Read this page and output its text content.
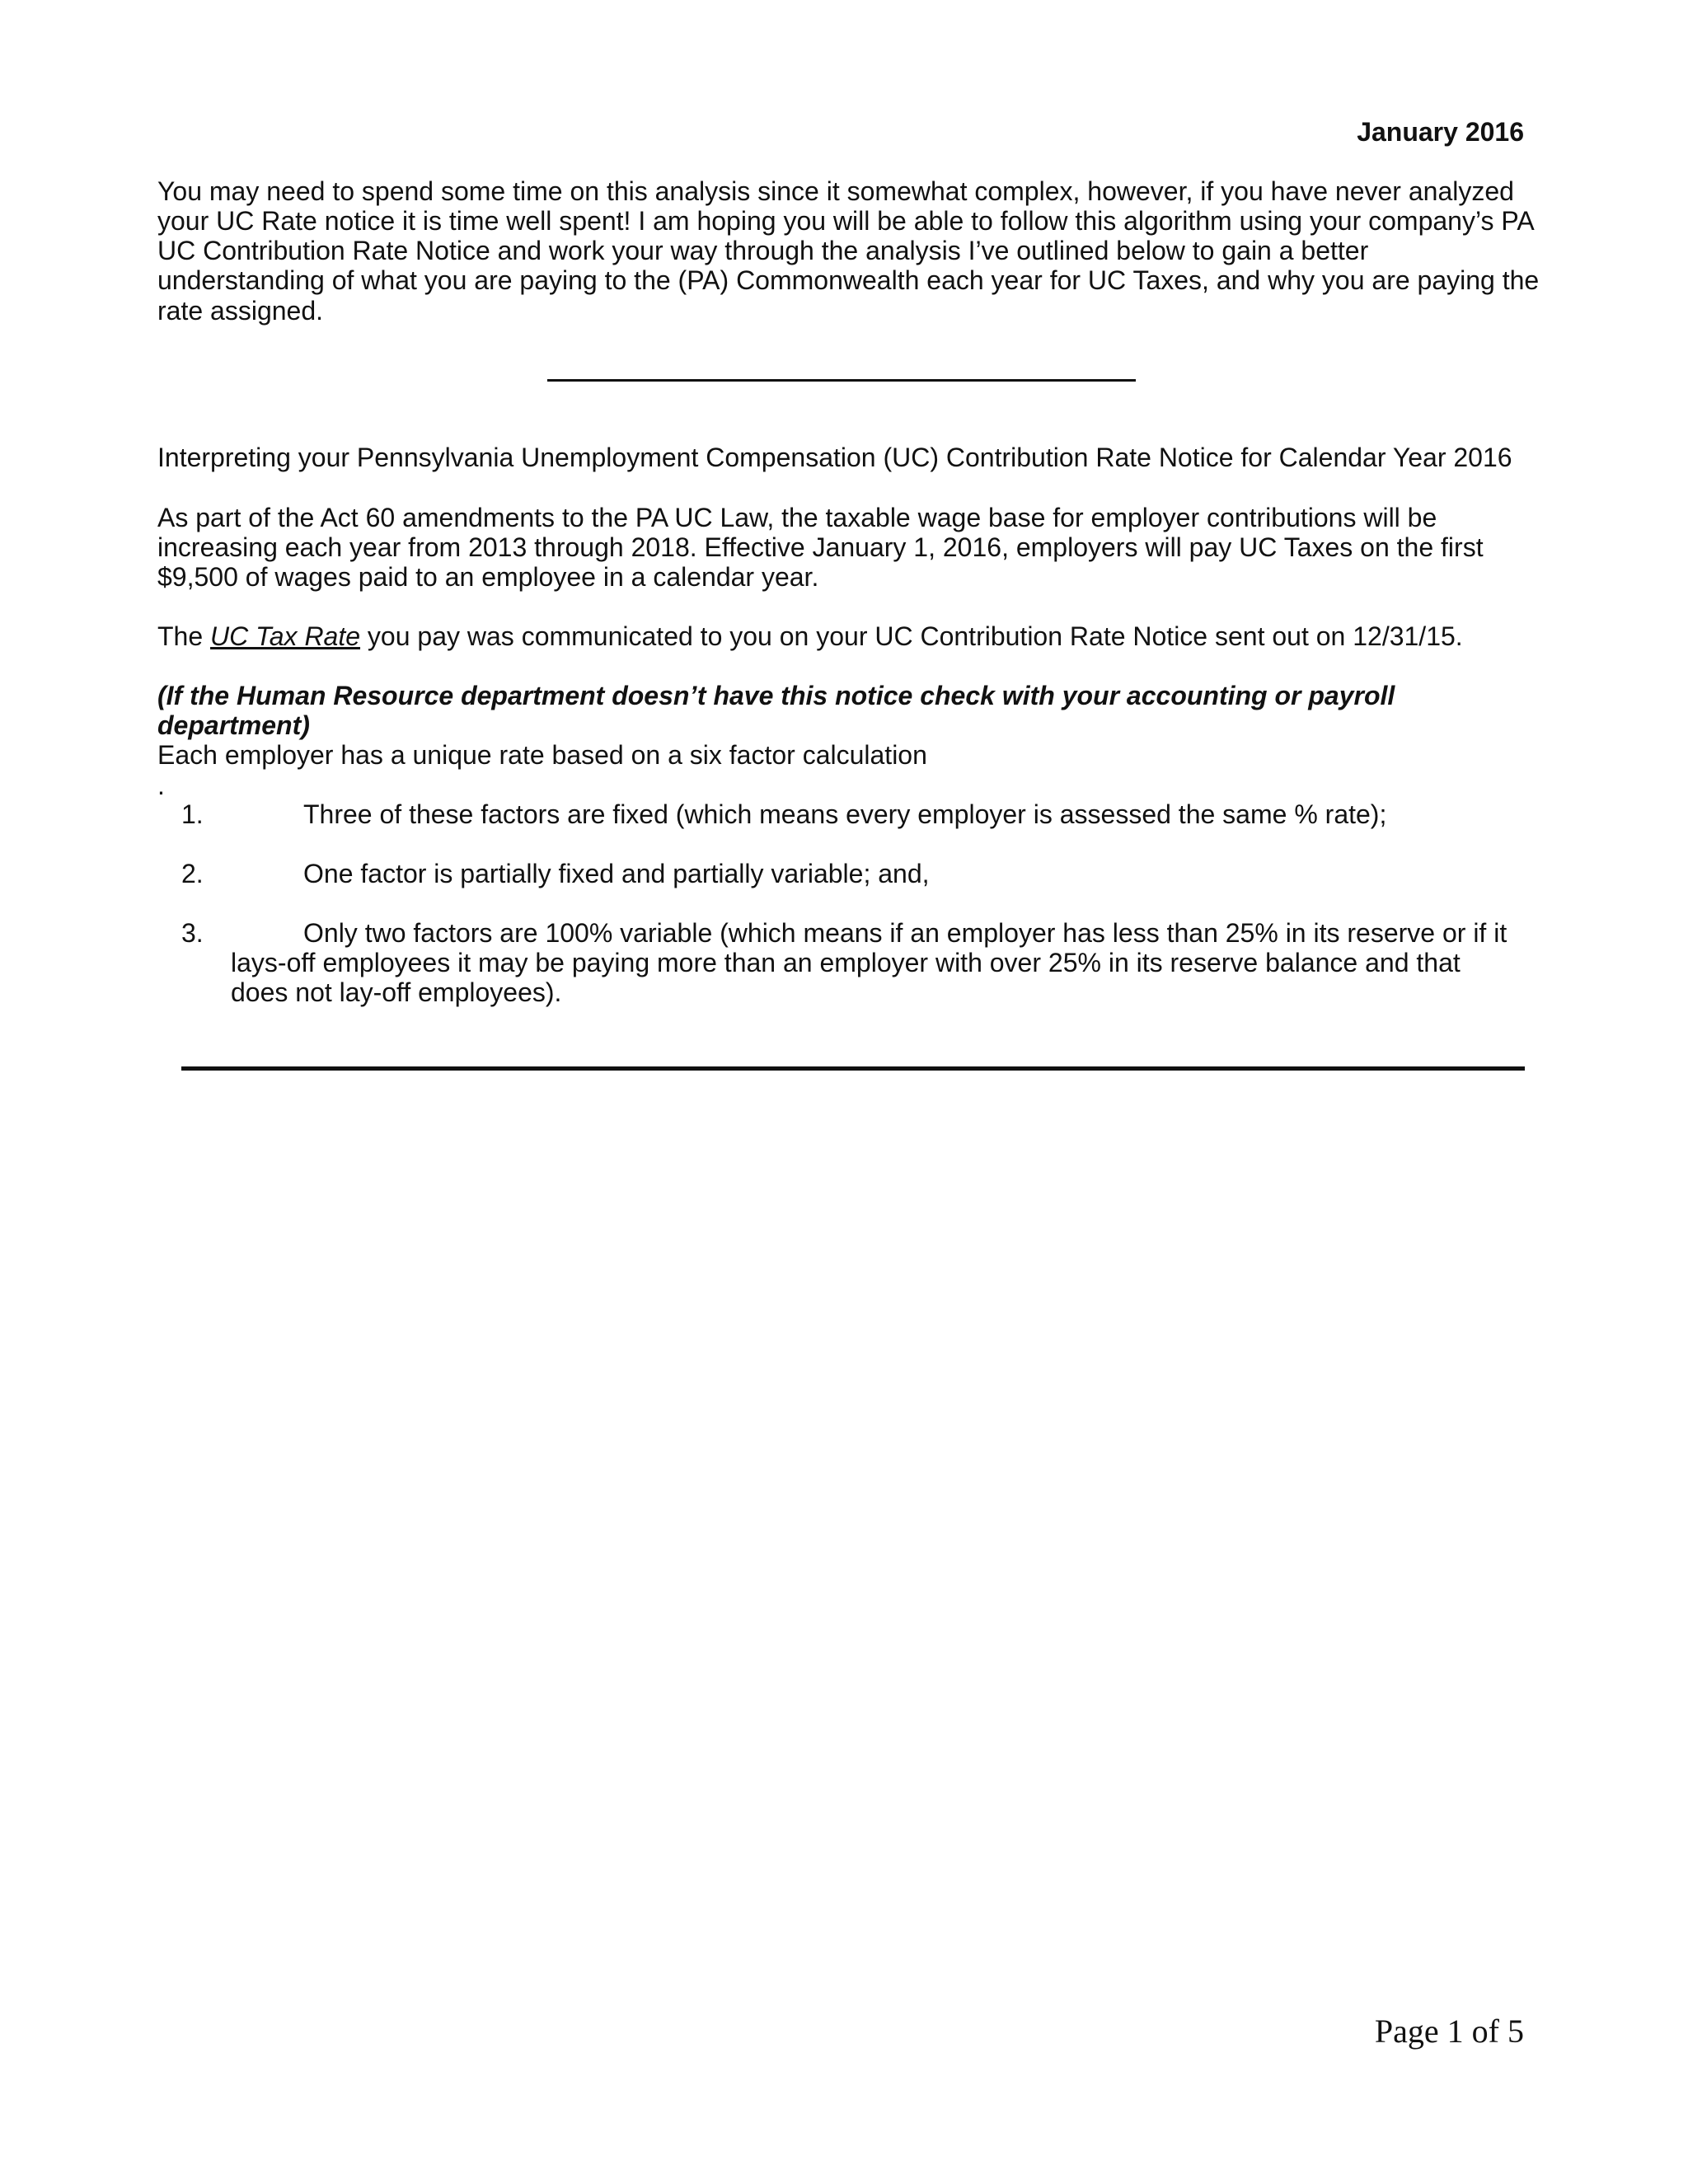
January 2016

You may need to spend some time on this analysis since it somewhat complex, however, if you have never analyzed your UC Rate notice it is time well spent! I am hoping you will be able to follow this algorithm using your company’s PA UC Contribution Rate Notice and work your way through the analysis I’ve outlined below to gain a better understanding of what you are paying to the (PA) Commonwealth each year for UC Taxes, and why you are paying the rate assigned.

Interpreting your Pennsylvania Unemployment Compensation (UC) Contribution Rate Notice for Calendar Year 2016

As part of the Act 60 amendments to the PA UC Law, the taxable wage base for employer contributions will be increasing each year from 2013 through 2018. Effective January 1, 2016, employers will pay UC Taxes on the first $9,500 of wages paid to an employee in a calendar year.

The UC Tax Rate you pay was communicated to you on your UC Contribution Rate Notice sent out on 12/31/15.

(If the Human Resource department doesn’t have this notice check with your accounting or payroll department)

Each employer has a unique rate based on a six factor calculation

.
1.	Three of these factors are fixed (which means every employer is assessed the same % rate);
2.	One factor is partially fixed and partially variable; and,
3.	Only two factors are 100% variable (which means if an employer has less than 25% in its reserve or if it lays-off employees it may be paying more than an employer with over 25% in its reserve balance and that does not lay-off employees).
Page 1 of 5
